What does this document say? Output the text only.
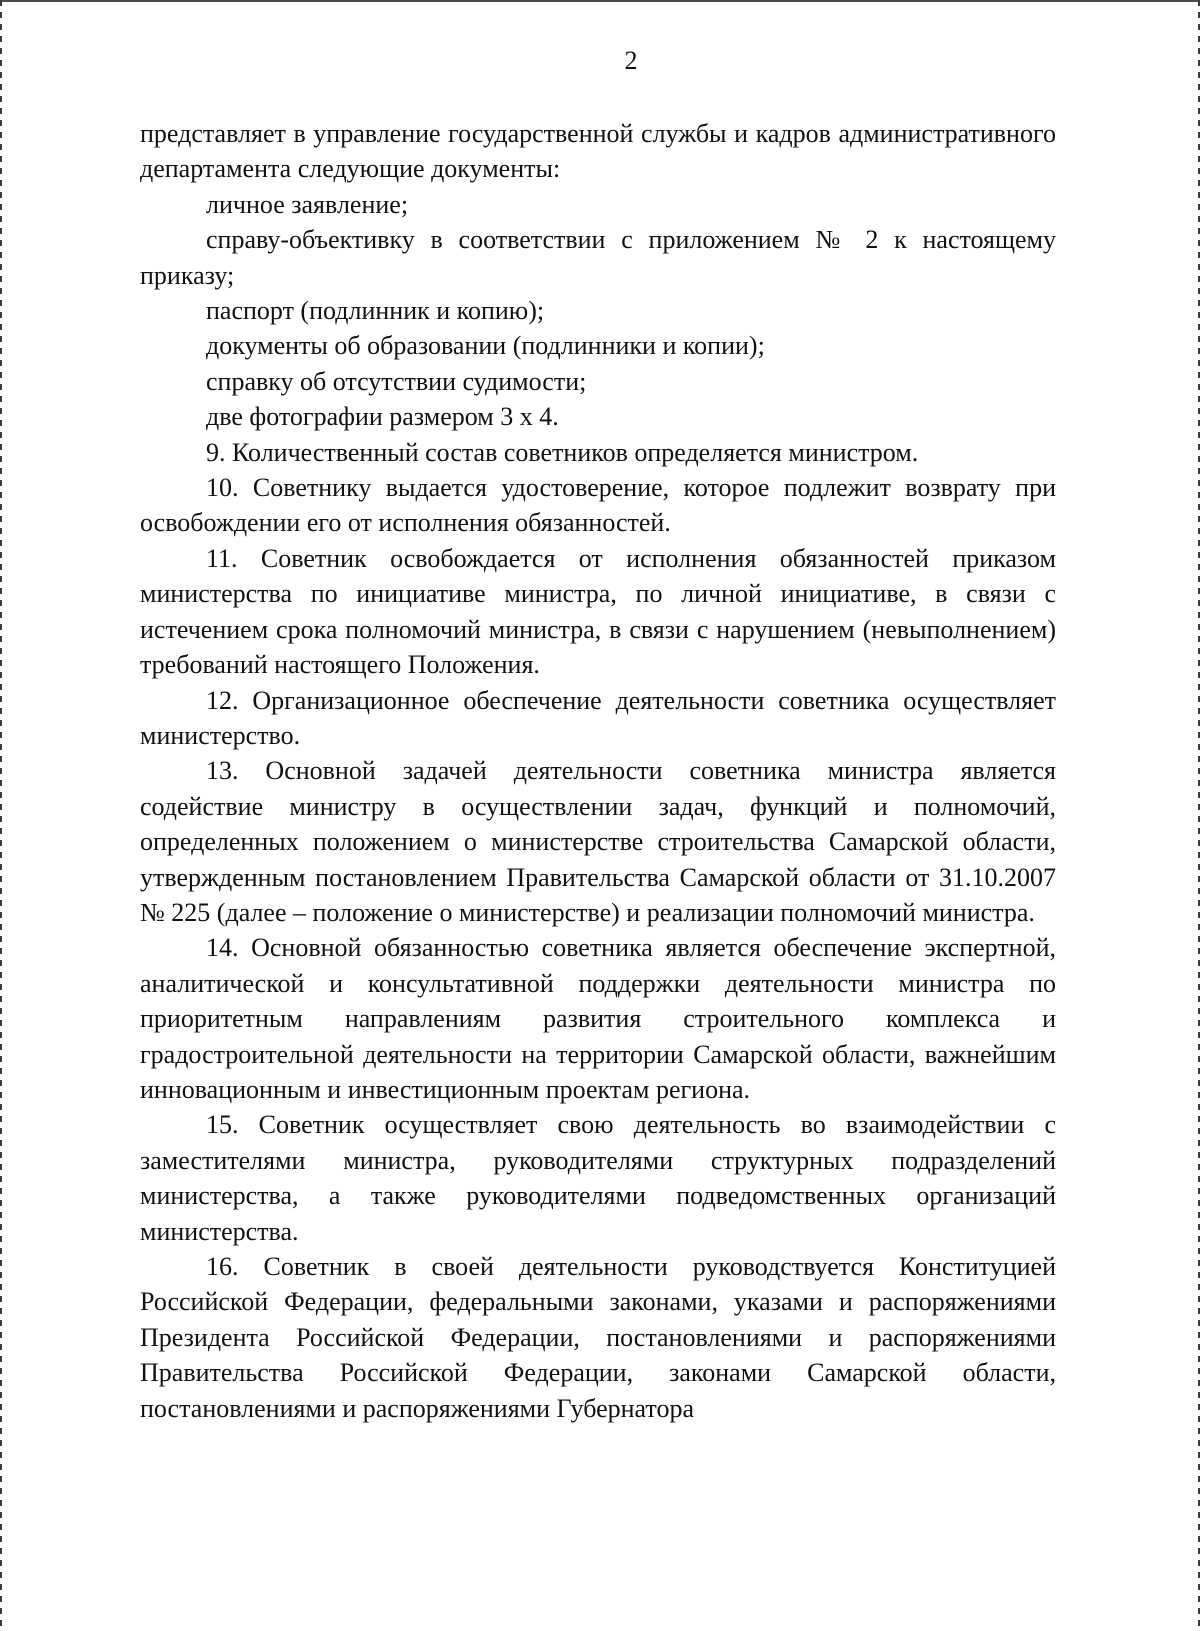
2

представляет в управление государственной службы и кадров административного департамента следующие документы:

личное заявление;

справу-объективку в соответствии с приложением № 2 к настоящему приказу;

паспорт (подлинник и копию);

документы об образовании (подлинники и копии);

справку об отсутствии судимости;

две фотографии размером 3 х 4.

9. Количественный состав советников определяется министром.

10. Советнику выдается удостоверение, которое подлежит возврату при освобождении его от исполнения обязанностей.

11. Советник освобождается от исполнения обязанностей приказом министерства по инициативе министра, по личной инициативе, в связи с истечением срока полномочий министра, в связи с нарушением (невыполнением) требований настоящего Положения.

12. Организационное обеспечение деятельности советника осуществляет министерство.

13. Основной задачей деятельности советника министра является содействие министру в осуществлении задач, функций и полномочий, определенных положением о министерстве строительства Самарской области, утвержденным постановлением Правительства Самарской области от 31.10.2007 № 225 (далее – положение о министерстве) и реализации полномочий министра.

14. Основной обязанностью советника является обеспечение экспертной, аналитической и консультативной поддержки деятельности министра по приоритетным направлениям развития строительного комплекса и градостроительной деятельности на территории Самарской области, важнейшим инновационным и инвестиционным проектам региона.

15. Советник осуществляет свою деятельность во взаимодействии с заместителями министра, руководителями структурных подразделений министерства, а также руководителями подведомственных организаций министерства.

16. Советник в своей деятельности руководствуется Конституцией Российской Федерации, федеральными законами, указами и распоряжениями Президента Российской Федерации, постановлениями и распоряжениями Правительства Российской Федерации, законами Самарской области, постановлениями и распоряжениями Губернатора
